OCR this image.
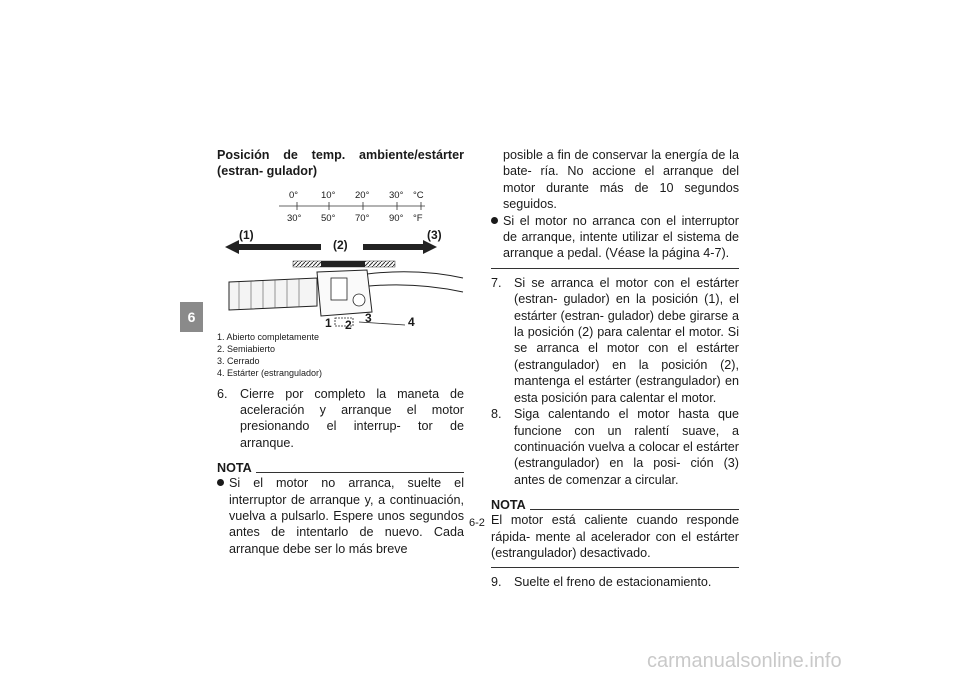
6

Posición de temp. ambiente/estárter (estran- gulador)

0° 10° 20° 30° °C
30° 50° 70° 90° °F
(1)
(2)
(3)
1 2 3	4
1. Abierto completamente
2. Semiabierto
3. Cerrado
4. Estárter (estrangulador)

6. Cierre por completo la maneta de aceleración y arranque el motor presionando el interrup- tor de arranque.

NOTA
Si el motor no arranca, suelte el interruptor de arranque y, a continuación, vuelva a pulsarlo. Espere unos segundos antes de intentarlo de nuevo. Cada arranque debe ser lo más breve
posible a fin de conservar la energía de la bate- ría. No accione el arranque del motor durante más de 10 segundos seguidos.
Si el motor no arranca con el interruptor de arranque, intente utilizar el sistema de arranque a pedal. (Véase la página 4-7).

7. Si se arranca el motor con el estárter (estran- gulador) en la posición (1), el estárter (estran- gulador) debe girarse a la posición (2) para calentar el motor. Si se arranca el motor con el estárter (estrangulador) en la posición (2), mantenga el estárter (estrangulador) en esta posición para calentar el motor.

8. Siga calentando el motor hasta que funcione con un ralentí suave, a continuación vuelva a colocar el estárter (estrangulador) en la posi- ción (3) antes de comenzar a circular.

NOTA

El motor está caliente cuando responde rápida- mente al acelerador con el estárter (estrangulador) desactivado.

9. Suelte el freno de estacionamiento.

6-2
carmanualsonline.info
